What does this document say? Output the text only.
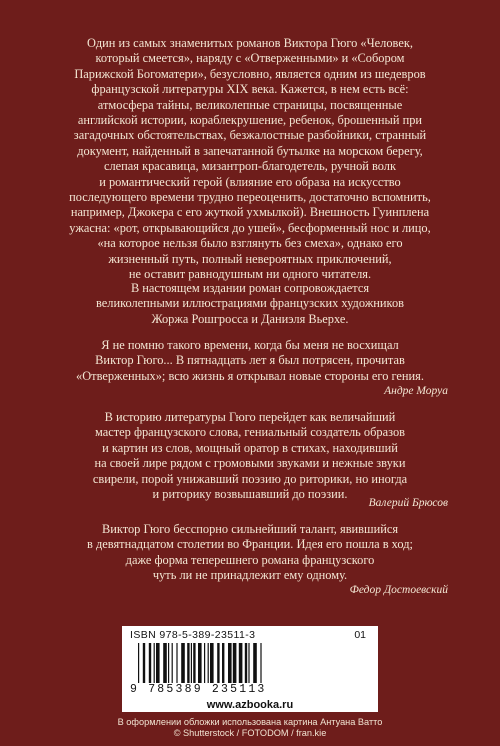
Один из самых знаменитых романов Виктора Гюго «Человек,
который смеется», наряду с «Отверженными» и «Собором
Парижской Богоматери», безусловно, является одним из шедевров
французской литературы XIX века. Кажется, в нем есть всё:
атмосфера тайны, великолепные страницы, посвященные
английской истории, кораблекрушение, ребенок, брошенный при
загадочных обстоятельствах, безжалостные разбойники, странный
документ, найденный в запечатанной бутылке на морском берегу,
слепая красавица, мизантроп-благодетель, ручной волк
и романтический герой (влияние его образа на искусство
последующего времени трудно переоценить, достаточно вспомнить,
например, Джокера с его жуткой ухмылкой). Внешность Гуинплена
ужасна: «рот, открывающийся до ушей», бесформенный нос и лицо,
«на которое нельзя было взглянуть без смеха», однако его
жизненный путь, полный невероятных приключений,
не оставит равнодушным ни одного читателя.

В настоящем издании роман сопровождается
великолепными иллюстрациями французских художников
Жоржа Рошгросса и Даниэля Вьерхе.

Я не помню такого времени, когда бы меня не восхищал
Виктор Гюго... В пятнадцать лет я был потрясен, прочитав
«Отверженных»; всю жизнь я открывал новые стороны его гения.

Андре Моруа

В историю литературы Гюго перейдет как величайший
мастер французского слова, гениальный создатель образов
и картин из слов, мощный оратор в стихах, находивший
на своей лире рядом с громовыми звуками и нежные звуки
свирели, порой унижавший поэзию до риторики, но иногда
и риторику возвышавший до поэзии.

Валерий Брюсов

Виктор Гюго бесспорно сильнейший талант, явившийся
в девятнадцатом столетии во Франции. Идея его пошла в ход;
даже форма теперешнего романа французского
чуть ли не принадлежит ему одному.

Федор Достоевский

ISBN 978-5-389-23511-3	01
9 785389 235113
www.azbooka.ru
В оформлении обложки использована картина Антуана Ватто
© Shutterstock / FOTODOM / fran.kie
